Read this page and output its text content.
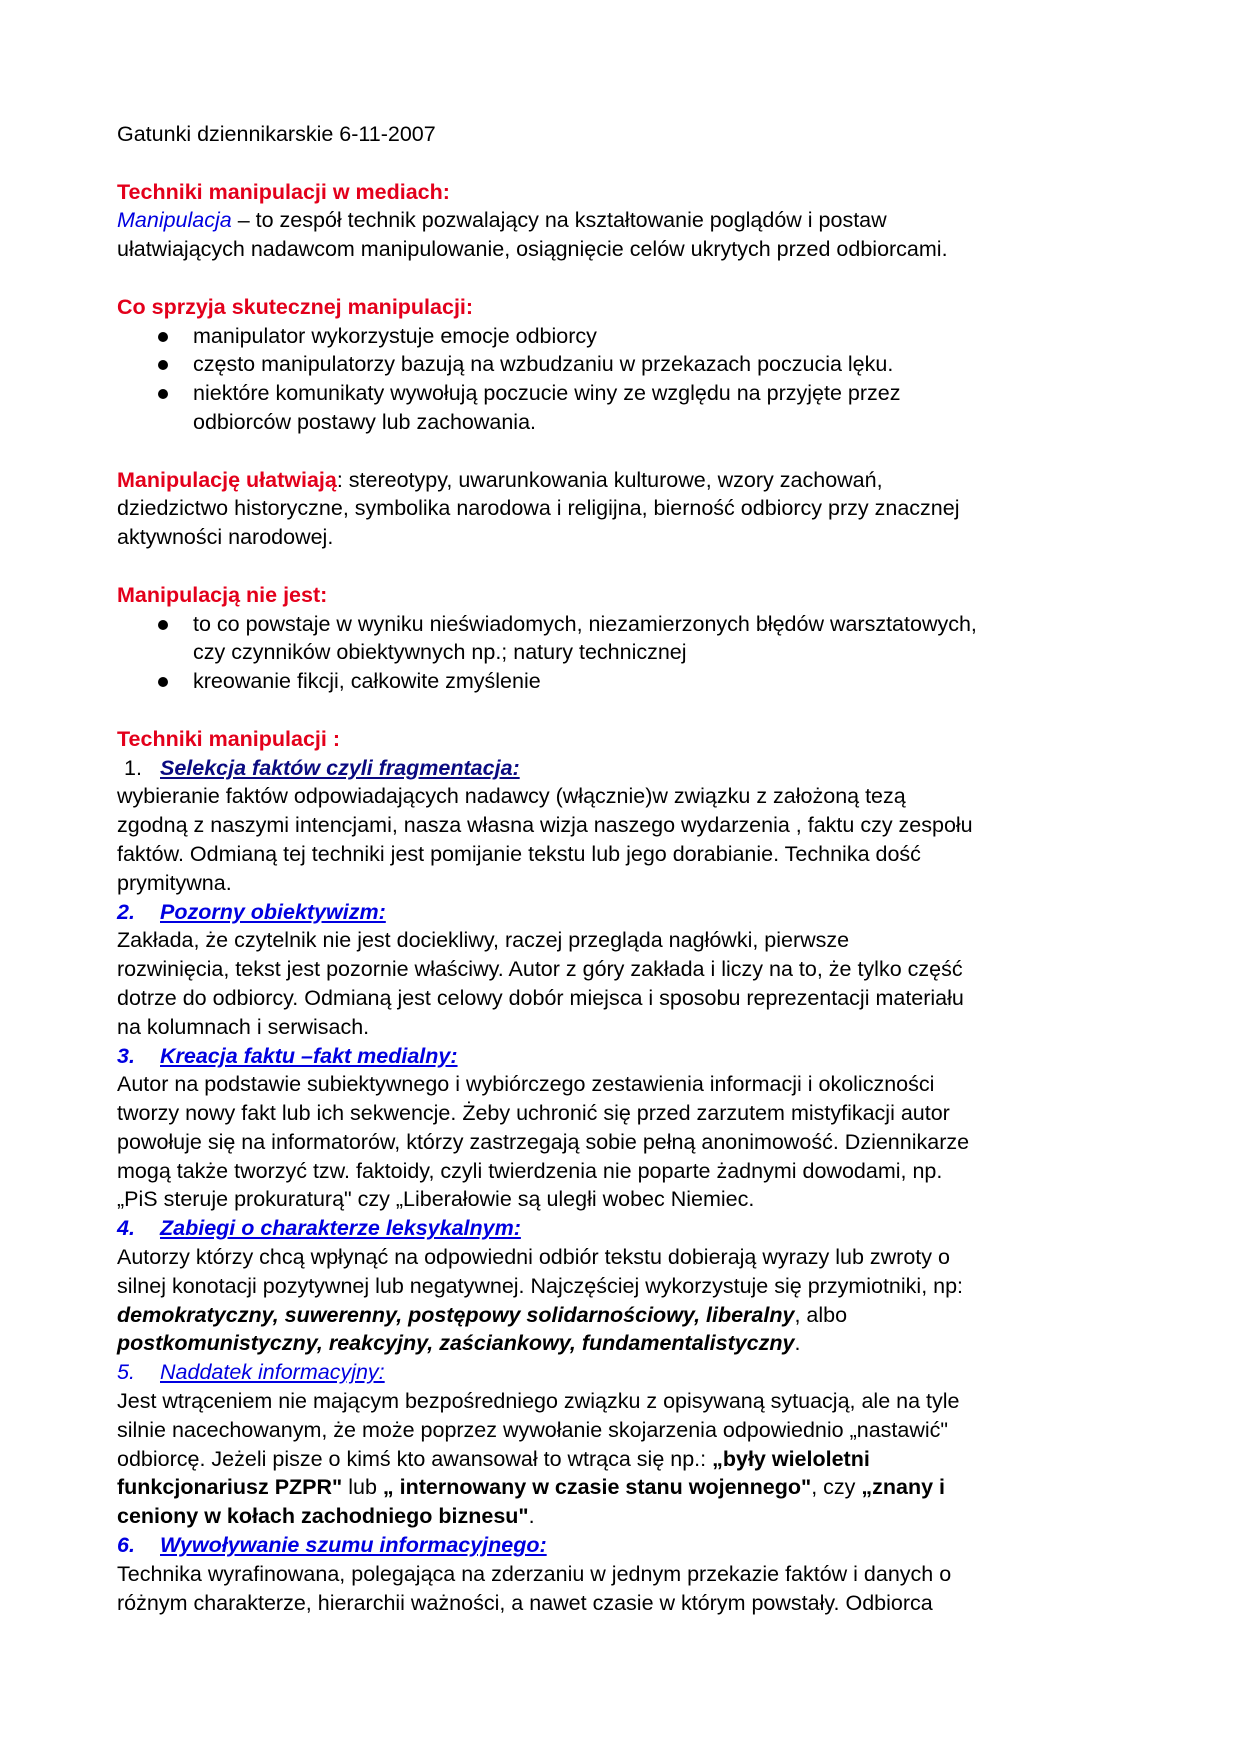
Gatunki dziennikarskie 6-11-2007

Techniki manipulacji w mediach:

Manipulacja – to zespół technik pozwalający na kształtowanie poglądów i postaw

ułatwiających nadawcom manipulowanie, osiągnięcie celów ukrytych przed odbiorcami.

Co sprzyja skutecznej manipulacji:

manipulator wykorzystuje emocje odbiorcy
często manipulatorzy bazują na wzbudzaniu w przekazach poczucia lęku.
niektóre komunikaty wywołują poczucie winy ze względu na przyjęte przez
odbiorców postawy lub zachowania.

Manipulację ułatwiają: stereotypy, uwarunkowania kulturowe, wzory zachowań,

dziedzictwo historyczne, symbolika narodowa i religijna, bierność odbiorcy przy znacznej

aktywności narodowej.

Manipulacją nie jest:

to co powstaje w wyniku nieświadomych, niezamierzonych błędów warsztatowych,
czy czynników obiektywnych np.; natury technicznej
kreowanie fikcji, całkowite zmyślenie

Techniki manipulacji :

1. Selekcja faktów czyli fragmentacja:

wybieranie faktów odpowiadających nadawcy (włącznie)w związku z założoną tezą

zgodną z naszymi intencjami, nasza własna wizja naszego wydarzenia , faktu czy zespołu

faktów. Odmianą tej techniki jest pomijanie tekstu lub jego dorabianie. Technika dość

prymitywna.

2. Pozorny obiektywizm:

Zakłada, że czytelnik nie jest dociekliwy, raczej przegląda nagłówki, pierwsze

rozwinięcia, tekst jest pozornie właściwy. Autor z góry zakłada i liczy na to, że tylko część

dotrze do odbiorcy. Odmianą jest celowy dobór miejsca i sposobu reprezentacji materiału

na kolumnach i serwisach.

3. Kreacja faktu –fakt medialny:

Autor na podstawie subiektywnego i wybiórczego zestawienia informacji i okoliczności

tworzy nowy fakt lub ich sekwencje. Żeby uchronić się przed zarzutem mistyfikacji autor

powołuje się na informatorów, którzy zastrzegają sobie pełną anonimowość. Dziennikarze

mogą także tworzyć tzw. faktoidy, czyli twierdzenia nie poparte żadnymi dowodami, np.

„PiS steruje prokuraturą" czy „Liberałowie są uległi wobec Niemiec.

4. Zabiegi o charakterze leksykalnym:

Autorzy którzy chcą wpłynąć na odpowiedni odbiór tekstu dobierają wyrazy lub zwroty o

silnej konotacji pozytywnej lub negatywnej. Najczęściej wykorzystuje się przymiotniki, np:

demokratyczny, suwerenny, postępowy solidarnościowy, liberalny, albo

postkomunistyczny, reakcyjny, zaściankowy, fundamentalistyczny.

5. Naddatek informacyjny:

Jest wtrąceniem nie mającym bezpośredniego związku z opisywaną sytuacją, ale na tyle

silnie nacechowanym, że może poprzez wywołanie skojarzenia odpowiednio „nastawić"

odbiorcę. Jeżeli pisze o kimś kto awansował to wtrąca się np.: „były wieloletni

funkcjonariusz PZPR" lub „ internowany w czasie stanu wojennego", czy „znany i

ceniony w kołach zachodniego biznesu".

6. Wywoływanie szumu informacyjnego:

Technika wyrafinowana, polegająca na zderzaniu w jednym przekazie faktów i danych o

różnym charakterze, hierarchii ważności, a nawet czasie w którym powstały. Odbiorca
